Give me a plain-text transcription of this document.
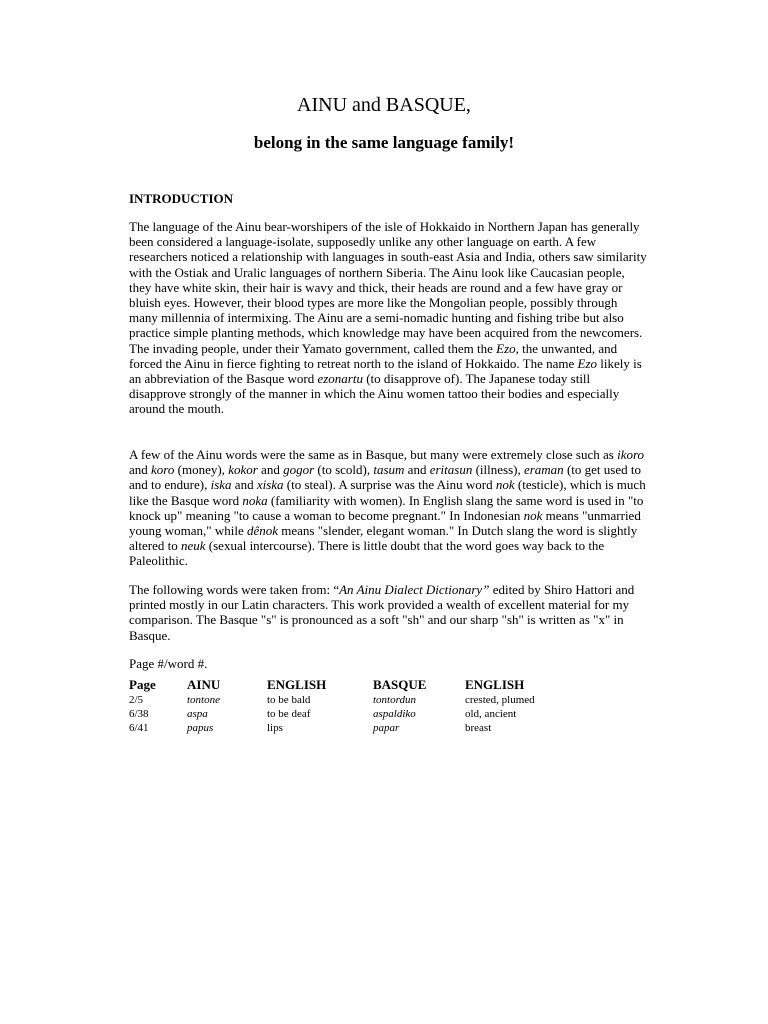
AINU and BASQUE,
belong in the same language family!
INTRODUCTION
The language of the Ainu bear-worshipers of the isle of Hokkaido in Northern Japan has generally been considered a language-isolate, supposedly unlike any other language on earth. A few researchers noticed a relationship with languages in south-east Asia and India, others saw similarity with the Ostiak and Uralic languages of northern Siberia. The Ainu look like Caucasian people, they have white skin, their hair is wavy and thick, their heads are round and a few have gray or bluish eyes. However, their blood types are more like the Mongolian people, possibly through many millennia of intermixing. The Ainu are a semi-nomadic hunting and fishing tribe but also practice simple planting methods, which knowledge may have been acquired from the newcomers. The invading people, under their Yamato government, called them the Ezo, the unwanted, and forced the Ainu in fierce fighting to retreat north to the island of Hokkaido. The name Ezo likely is an abbreviation of the Basque word ezonartu (to disapprove of). The Japanese today still disapprove strongly of the manner in which the Ainu women tattoo their bodies and especially around the mouth.
A few of the Ainu words were the same as in Basque, but many were extremely close such as ikoro and koro (money), kokor and gogor (to scold), tasum and eritasun (illness), eraman (to get used to and to endure), iska and xiska (to steal). A surprise was the Ainu word nok (testicle), which is much like the Basque word noka (familiarity with women). In English slang the same word is used in "to knock up" meaning "to cause a woman to become pregnant." In Indonesian nok means "unmarried young woman," while dênok means "slender, elegant woman." In Dutch slang the word is slightly altered to neuk (sexual intercourse). There is little doubt that the word goes way back to the Paleolithic.
The following words were taken from: “An Ainu Dialect Dictionary” edited by Shiro Hattori and printed mostly in our Latin characters. This work provided a wealth of excellent material for my comparison. The Basque "s" is pronounced as a soft "sh" and our sharp "sh" is written as "x" in Basque.
Page #/word #.
Page	AINU	ENGLISH	BASQUE	ENGLISH
2/5	tontone	to be bald	tontordun	crested, plumed
6/38	aspa	to be deaf	aspaldiko	old, ancient
6/41	papus	lips	papar	breast
